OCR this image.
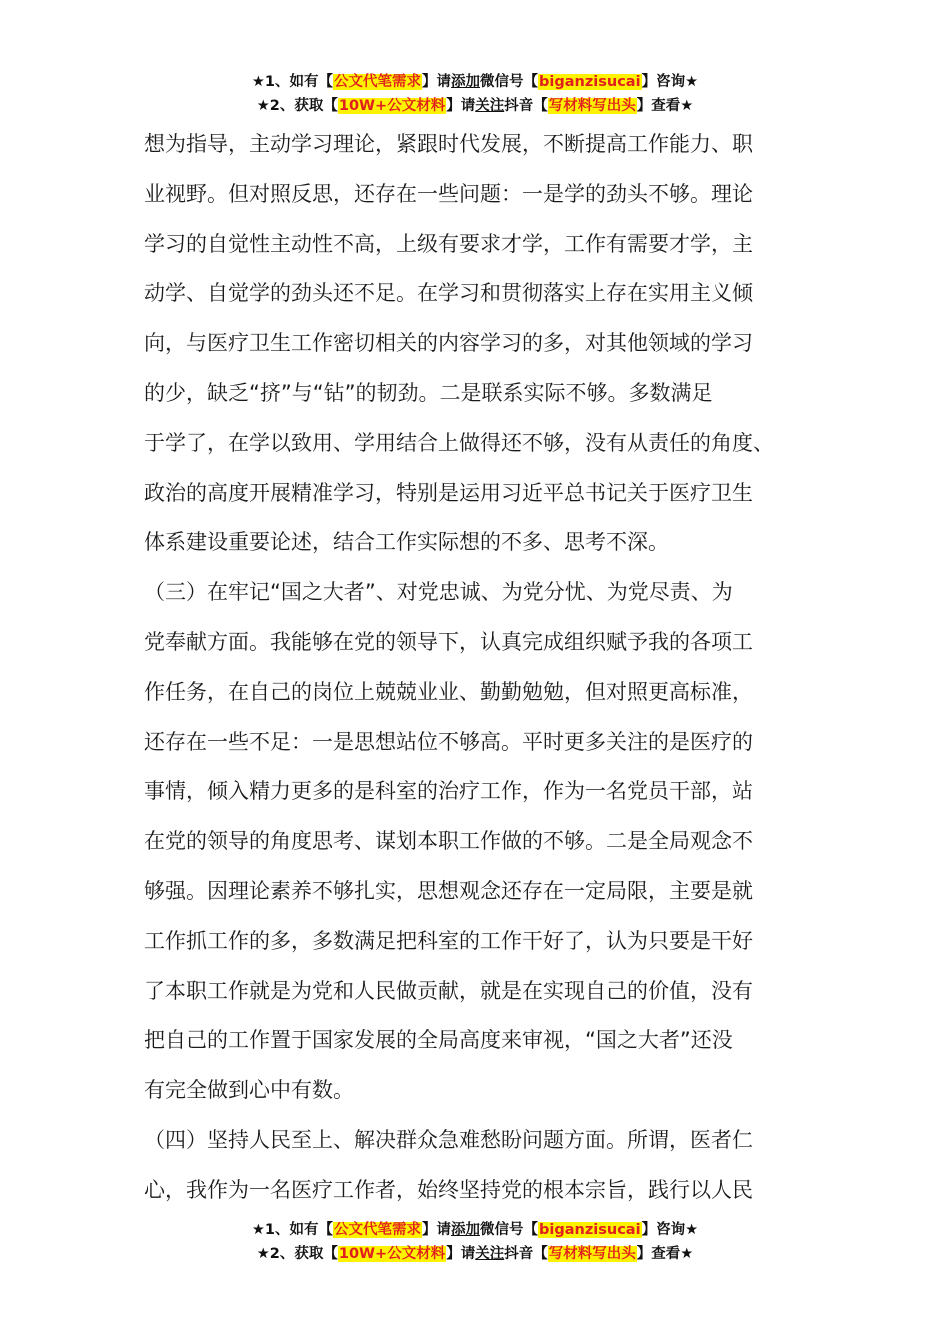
★1、如有【公文代笔需求】请添加微信号【biganzisucai】咨询★
★2、获取【10W+公文材料】请关注抖音【写材料写出头】查看★
想为指导，主动学习理论，紧跟时代发展，不断提高工作能力、职
业视野。但对照反思，还存在一些问题：一是学的劲头不够。理论
学习的自觉性主动性不高，上级有要求才学，工作有需要才学，主
动学、自觉学的劲头还不足。在学习和贯彻落实上存在实用主义倾
向，与医疗卫生工作密切相关的内容学习的多，对其他领域的学习
的少，缺乏“挤”与“钻”的韧劲。二是联系实际不够。多数满足
于学了，在学以致用、学用结合上做得还不够，没有从责任的角度、
政治的高度开展精准学习，特别是运用习近平总书记关于医疗卫生
体系建设重要论述，结合工作实际想的不多、思考不深。
（三）在牢记“国之大者”、对党忠诚、为党分忧、为党尽责、为
党奉献方面。我能够在党的领导下，认真完成组织赋予我的各项工
作任务，在自己的岗位上兢兢业业、勤勤勉勉，但对照更高标准，
还存在一些不足：一是思想站位不够高。平时更多关注的是医疗的
事情，倾入精力更多的是科室的治疗工作，作为一名党员干部，站
在党的领导的角度思考、谋划本职工作做的不够。二是全局观念不
够强。因理论素养不够扎实，思想观念还存在一定局限，主要是就
工作抓工作的多，多数满足把科室的工作干好了，认为只要是干好
了本职工作就是为党和人民做贡献，就是在实现自己的价值，没有
把自己的工作置于国家发展的全局高度来审视，“国之大者”还没
有完全做到心中有数。
（四）坚持人民至上、解决群众急难愁盼问题方面。所谓，医者仁
心，我作为一名医疗工作者，始终坚持党的根本宗旨，践行以人民
★1、如有【公文代笔需求】请添加微信号【biganzisucai】咨询★
★2、获取【10W+公文材料】请关注抖音【写材料写出头】查看★
